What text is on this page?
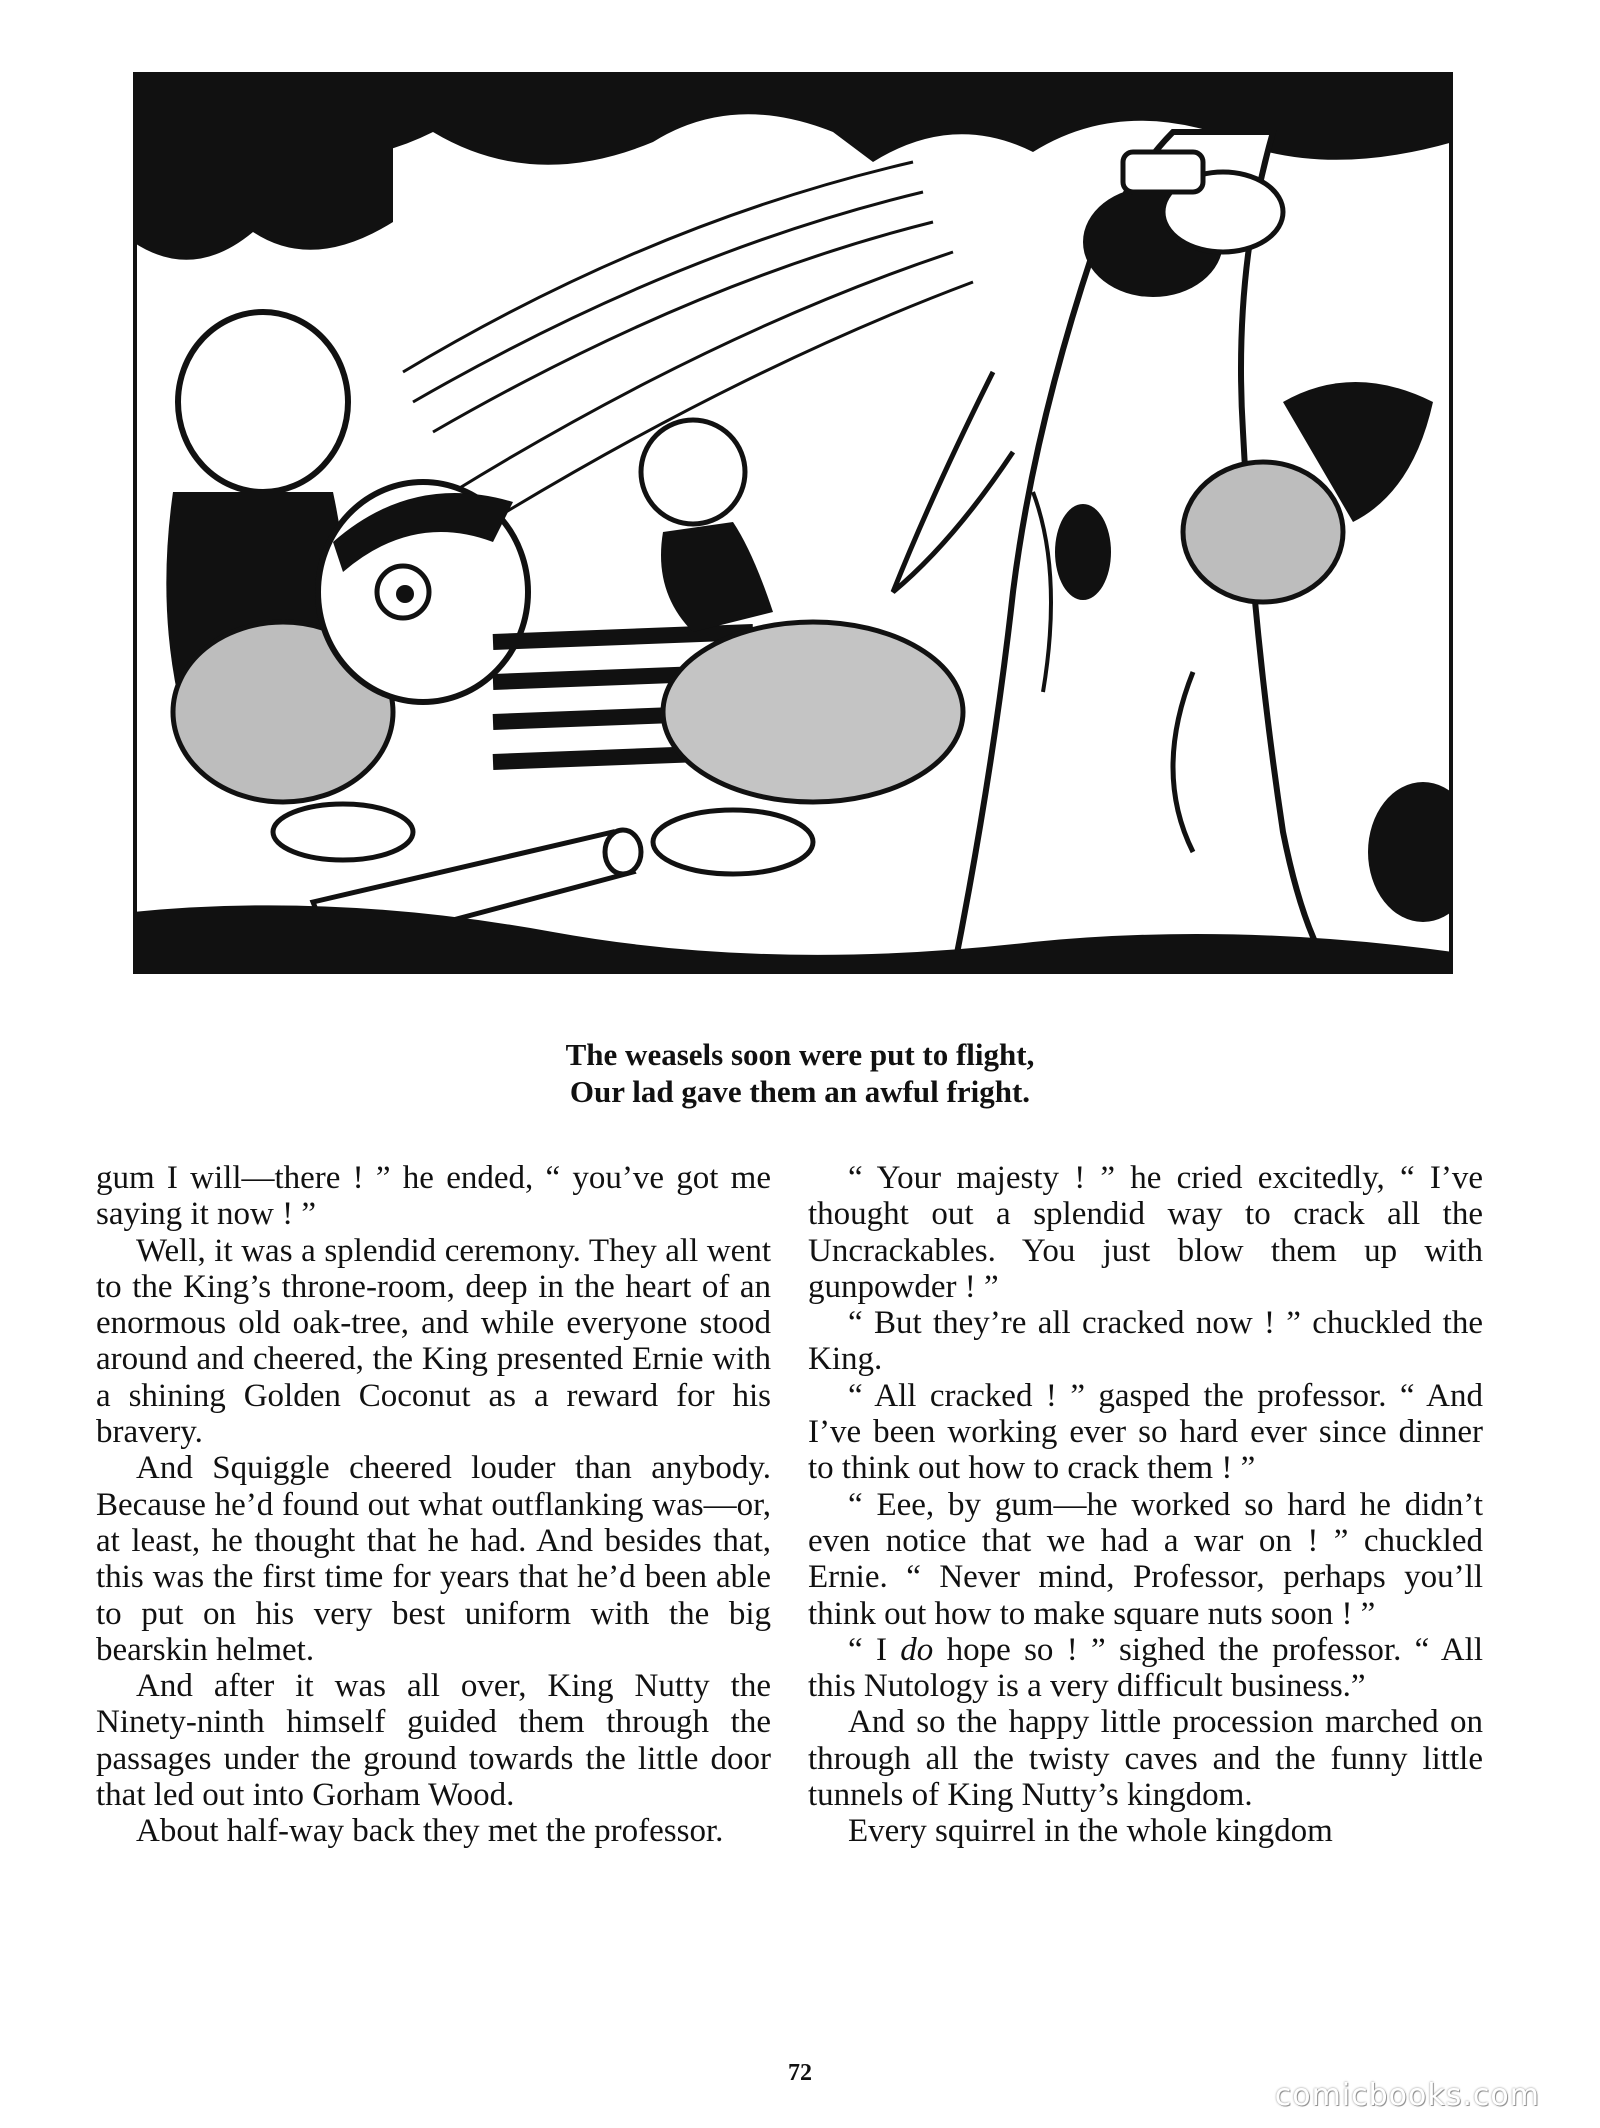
The weasels soon were put to flight,
Our lad gave them an awful fright.

gum I will—there ! ” he ended, “ you’ve got me saying it now ! ”

Well, it was a splendid ceremony. They all went to the King’s throne-room, deep in the heart of an enormous old oak-tree, and while everyone stood around and cheered, the King presented Ernie with a shining Golden Coconut as a reward for his bravery.

And Squiggle cheered louder than anybody. Because he’d found out what outflanking was—or, at least, he thought that he had. And besides that, this was the first time for years that he’d been able to put on his very best uniform with the big bearskin helmet.

And after it was all over, King Nutty the Ninety-ninth himself guided them through the passages under the ground towards the little door that led out into Gorham Wood.

About half-way back they met the professor.

“ Your majesty ! ” he cried excitedly, “ I’ve thought out a splendid way to crack all the Uncrackables. You just blow them up with gunpowder ! ”

“ But they’re all cracked now ! ” chuckled the King.

“ All cracked ! ” gasped the professor. “ And I’ve been working ever so hard ever since dinner to think out how to crack them ! ”

“ Eee, by gum—he worked so hard he didn’t even notice that we had a war on ! ” chuckled Ernie. “ Never mind, Professor, perhaps you’ll think out how to make square nuts soon ! ”

“ I do hope so ! ” sighed the professor. “ All this Nutology is a very difficult business.”

And so the happy little procession marched on through all the twisty caves and the funny little tunnels of King Nutty’s kingdom.

Every squirrel in the whole kingdom

72
comicbooks.com
